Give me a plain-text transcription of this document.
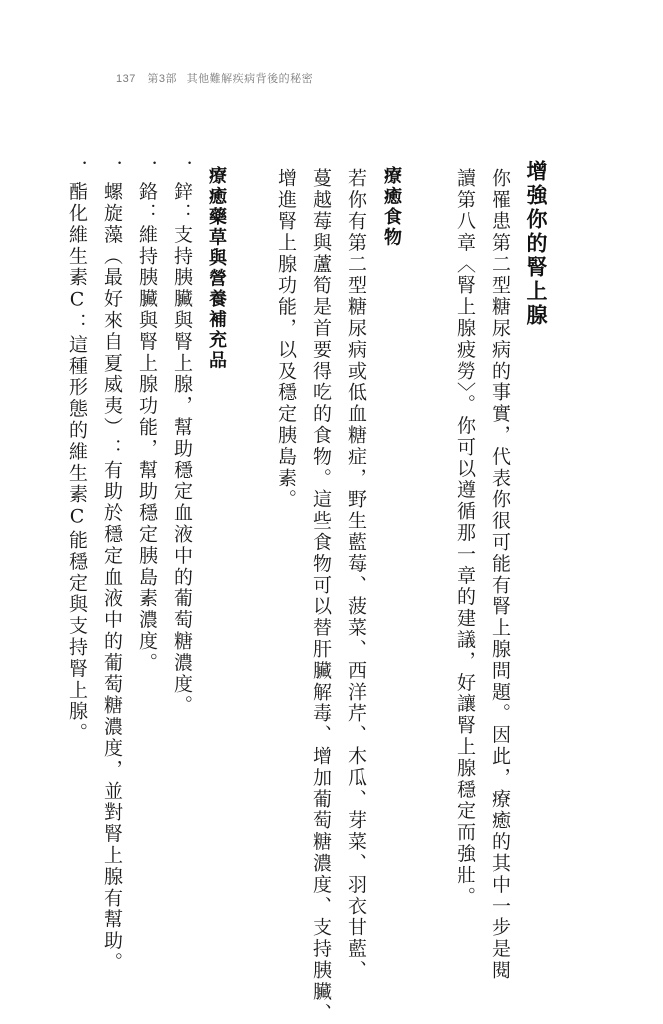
137 第3部 其他難解疾病背後的秘密
增強你的腎上腺
你罹患第二型糖尿病的事實，代表你很可能有腎上腺問題。因此，療癒的其中一步是閱
讀第八章〈腎上腺疲勞〉。你可以遵循那一章的建議，好讓腎上腺穩定而強壯。
療癒食物
若你有第二型糖尿病或低血糖症，野生藍莓、菠菜、西洋芹、木瓜、芽菜、羽衣甘藍、
蔓越莓與蘆筍是首要得吃的食物。這些食物可以替肝臟解毒、增加葡萄糖濃度、支持胰臟、
增進腎上腺功能，以及穩定胰島素。
療癒藥草與營養補充品
．鋅：支持胰臟與腎上腺，幫助穩定血液中的葡萄糖濃度。
．鉻：維持胰臟與腎上腺功能，幫助穩定胰島素濃度。
．螺旋藻（最好來自夏威夷）：有助於穩定血液中的葡萄糖濃度，並對腎上腺有幫助。
．酯化維生素C：這種形態的維生素C能穩定與支持腎上腺。
